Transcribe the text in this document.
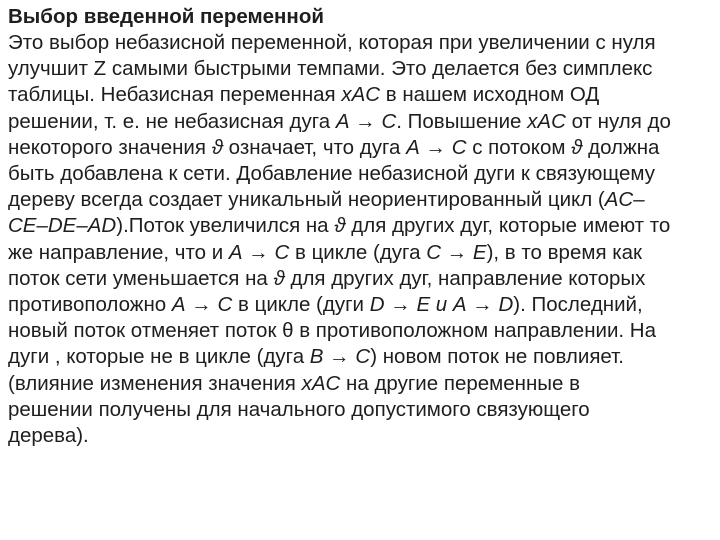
Выбор введенной переменной
Это выбор небазисной переменной, которая при увеличении с нуля
улучшит Z самыми быстрыми темпами. Это делается без симплекс
таблицы. Небазисная переменная xAC в нашем исходном ОД
решении, т. е. не небазисная дуга A → C. Повышение xAC от нуля до
некоторого значения ϑ означает, что дуга A → C с потоком ϑ должна
быть добавлена к сети. Добавление небазисной дуги к связующему
дереву всегда создает уникальный неориентированный цикл (AC–
CE–DE–AD).Поток увеличился на ϑ для других дуг, которые имеют то
же направление, что и A → C в цикле (дуга C → E), в то время как
поток сети уменьшается на ϑ для других дуг, направление которых
противоположно A → C в цикле (дуги D → E и A → D). Последний,
новый поток отменяет поток θ в противоположном направлении. На
дуги , которые не в цикле (дуга B → C) новом поток не повлияет.
(влияние изменения значения xAC на другие переменные в
решении получены для начального допустимого связующего
дерева).
